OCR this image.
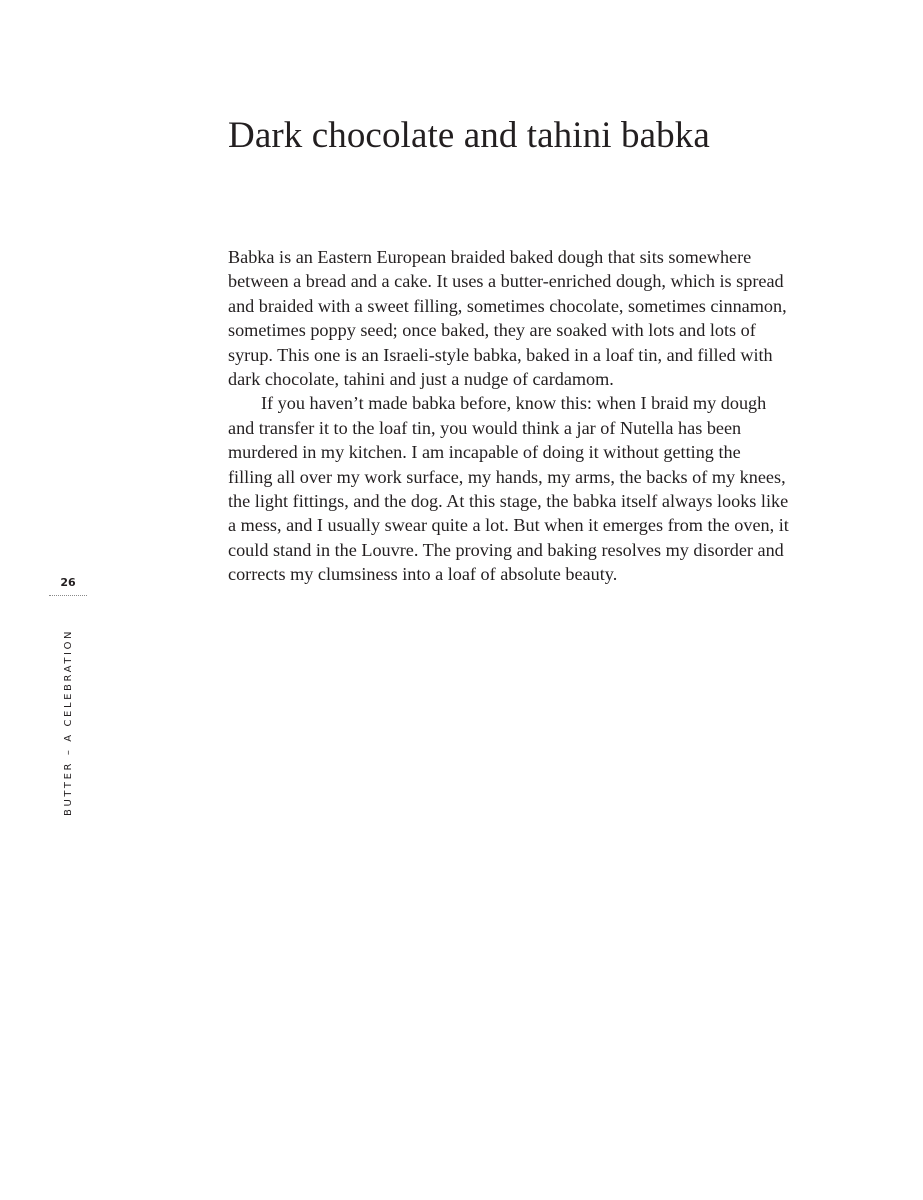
Dark chocolate and tahini babka

Babka is an Eastern European braided baked dough that sits somewhere
between a bread and a cake. It uses a butter-enriched dough, which is spread
and braided with a sweet filling, sometimes chocolate, sometimes cinnamon,
sometimes poppy seed; once baked, they are soaked with lots and lots of
syrup. This one is an Israeli-style babka, baked in a loaf tin, and filled with
dark chocolate, tahini and just a nudge of cardamom.

If you haven’t made babka before, know this: when I braid my dough
and transfer it to the loaf tin, you would think a jar of Nutella has been
murdered in my kitchen. I am incapable of doing it without getting the
filling all over my work surface, my hands, my arms, the backs of my knees,
the light fittings, and the dog. At this stage, the babka itself always looks like
a mess, and I usually swear quite a lot. But when it emerges from the oven, it
could stand in the Louvre. The proving and baking resolves my disorder and
corrects my clumsiness into a loaf of absolute beauty.

26
BUTTER – A CELEBRATION
